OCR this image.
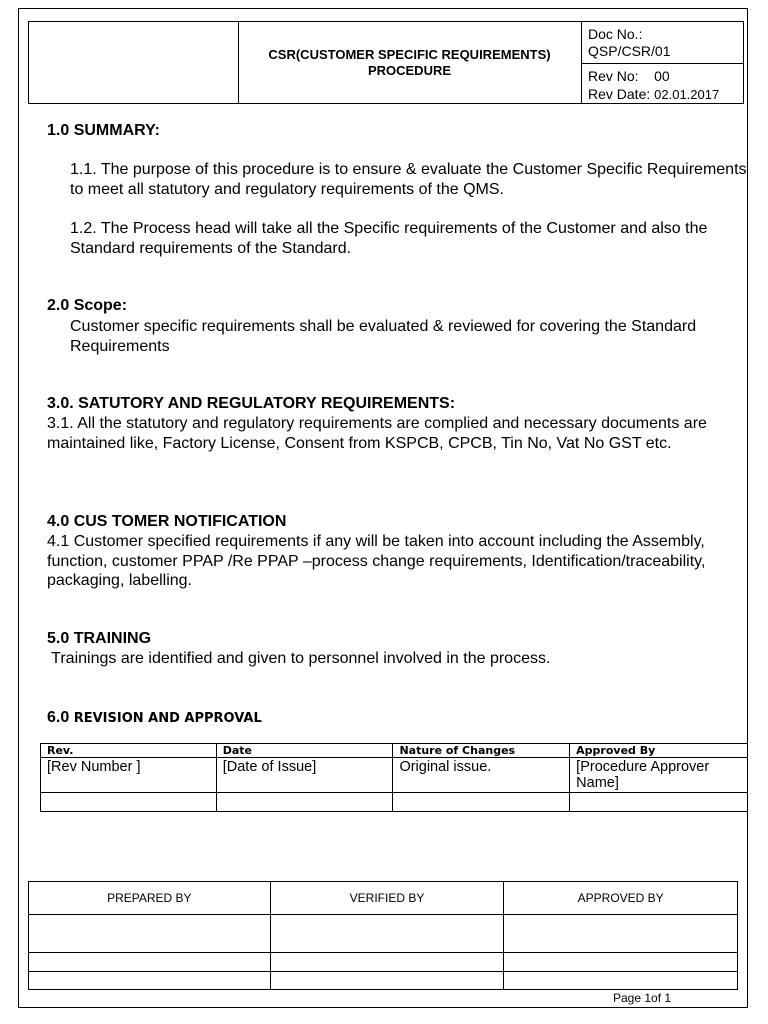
CSR(CUSTOMER SPECIFIC REQUIREMENTS)
PROCEDURE
Doc No.:
QSP/CSR/01
Rev No: 00
Rev Date: 02.01.2017
1.0 SUMMARY:

1.1. The purpose of this procedure is to ensure & evaluate the Customer Specific Requirements to meet all statutory and regulatory requirements of the QMS.

1.2. The Process head will take all the Specific requirements of the Customer and also the Standard requirements of the Standard.

2.0 Scope:

Customer specific requirements shall be evaluated & reviewed for covering the Standard Requirements

3.0. SATUTORY AND REGULATORY REQUIREMENTS:

3.1. All the statutory and regulatory requirements are complied and necessary documents are maintained like, Factory License, Consent from KSPCB, CPCB, Tin No, Vat No GST etc.

4.0 CUS TOMER NOTIFICATION

4.1 Customer specified requirements if any will be taken into account including the Assembly, function, customer PPAP /Re PPAP –process change requirements, Identification/traceability, packaging, labelling.

5.0 TRAINING

Trainings are identified and given to personnel involved in the process.

6.0 REVISION AND APPROVAL
Rev.	Date	Nature of Changes	Approved By
[Rev Number ]	[Date of Issue]	Original issue.	[Procedure Approver Name]

PREPARED BY	VERIFIED BY	APPROVED BY

Page 1of 1
